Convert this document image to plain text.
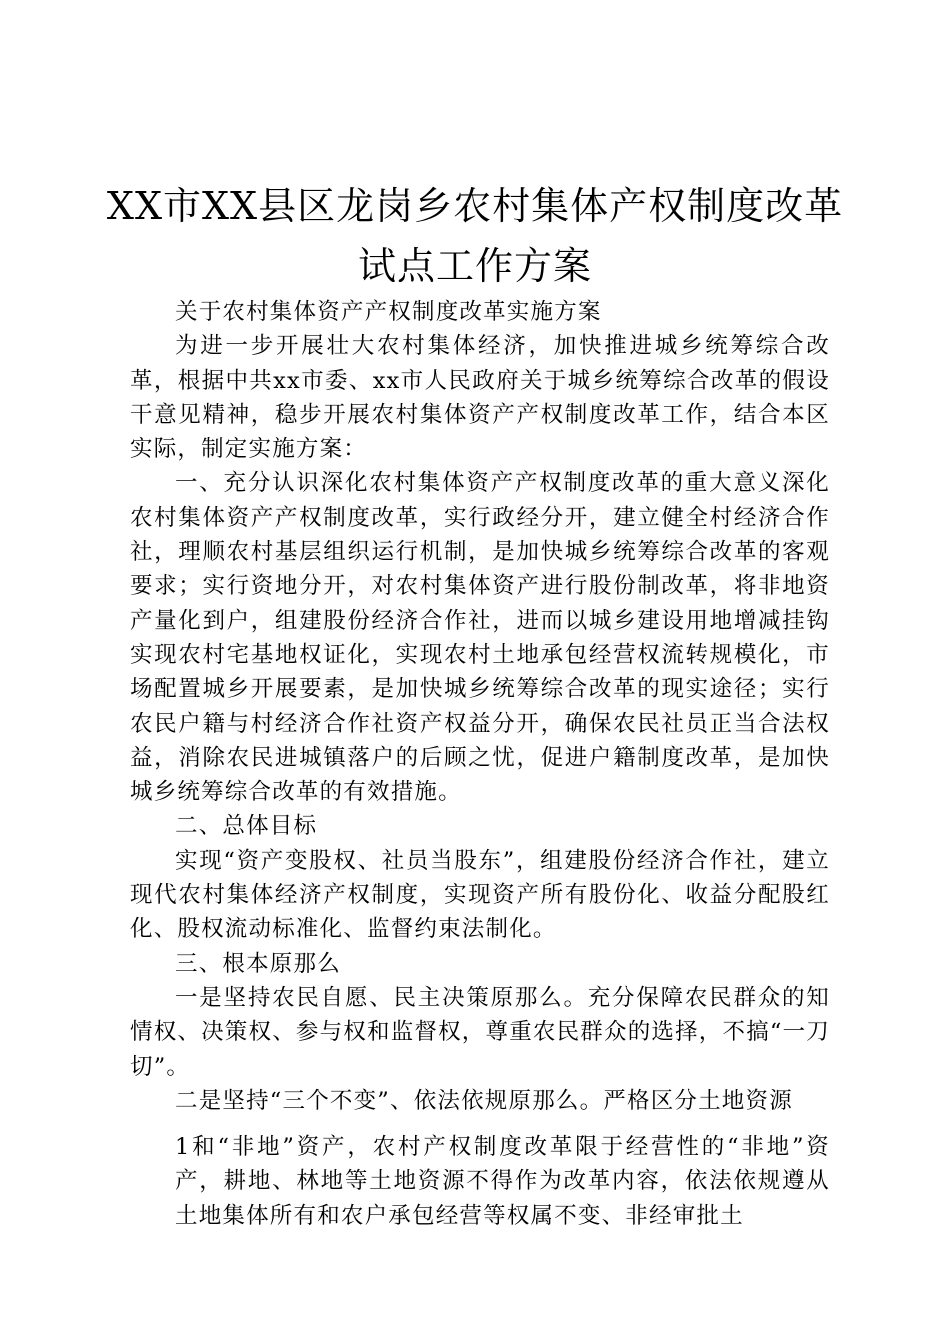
XX市XX县区龙岗乡农村集体产权制度改革
试点工作方案

关于农村集体资产产权制度改革实施方案

为进一步开展壮大农村集体经济，加快推进城乡统筹综合改革，根据中共xx市委、xx市人民政府关于城乡统筹综合改革的假设干意见精神，稳步开展农村集体资产产权制度改革工作，结合本区实际，制定实施方案：

一、充分认识深化农村集体资产产权制度改革的重大意义深化农村集体资产产权制度改革，实行政经分开，建立健全村经济合作社，理顺农村基层组织运行机制，是加快城乡统筹综合改革的客观要求；实行资地分开，对农村集体资产进行股份制改革，将非地资产量化到户，组建股份经济合作社，进而以城乡建设用地增减挂钩实现农村宅基地权证化，实现农村土地承包经营权流转规模化，市场配置城乡开展要素，是加快城乡统筹综合改革的现实途径；实行农民户籍与村经济合作社资产权益分开，确保农民社员正当合法权益，消除农民进城镇落户的后顾之忧，促进户籍制度改革，是加快城乡统筹综合改革的有效措施。

二、总体目标

实现“资产变股权、社员当股东”，组建股份经济合作社，建立现代农村集体经济产权制度，实现资产所有股份化、收益分配股红化、股权流动标准化、监督约束法制化。

三、根本原那么

一是坚持农民自愿、民主决策原那么。充分保障农民群众的知情权、决策权、参与权和监督权，尊重农民群众的选择，不搞“一刀切”。

二是坚持“三个不变”、依法依规原那么。严格区分土地资源

1和“非地”资产，农村产权制度改革限于经营性的“非地”资产，耕地、林地等土地资源不得作为改革内容，依法依规遵从土地集体所有和农户承包经营等权属不变、非经审批土
